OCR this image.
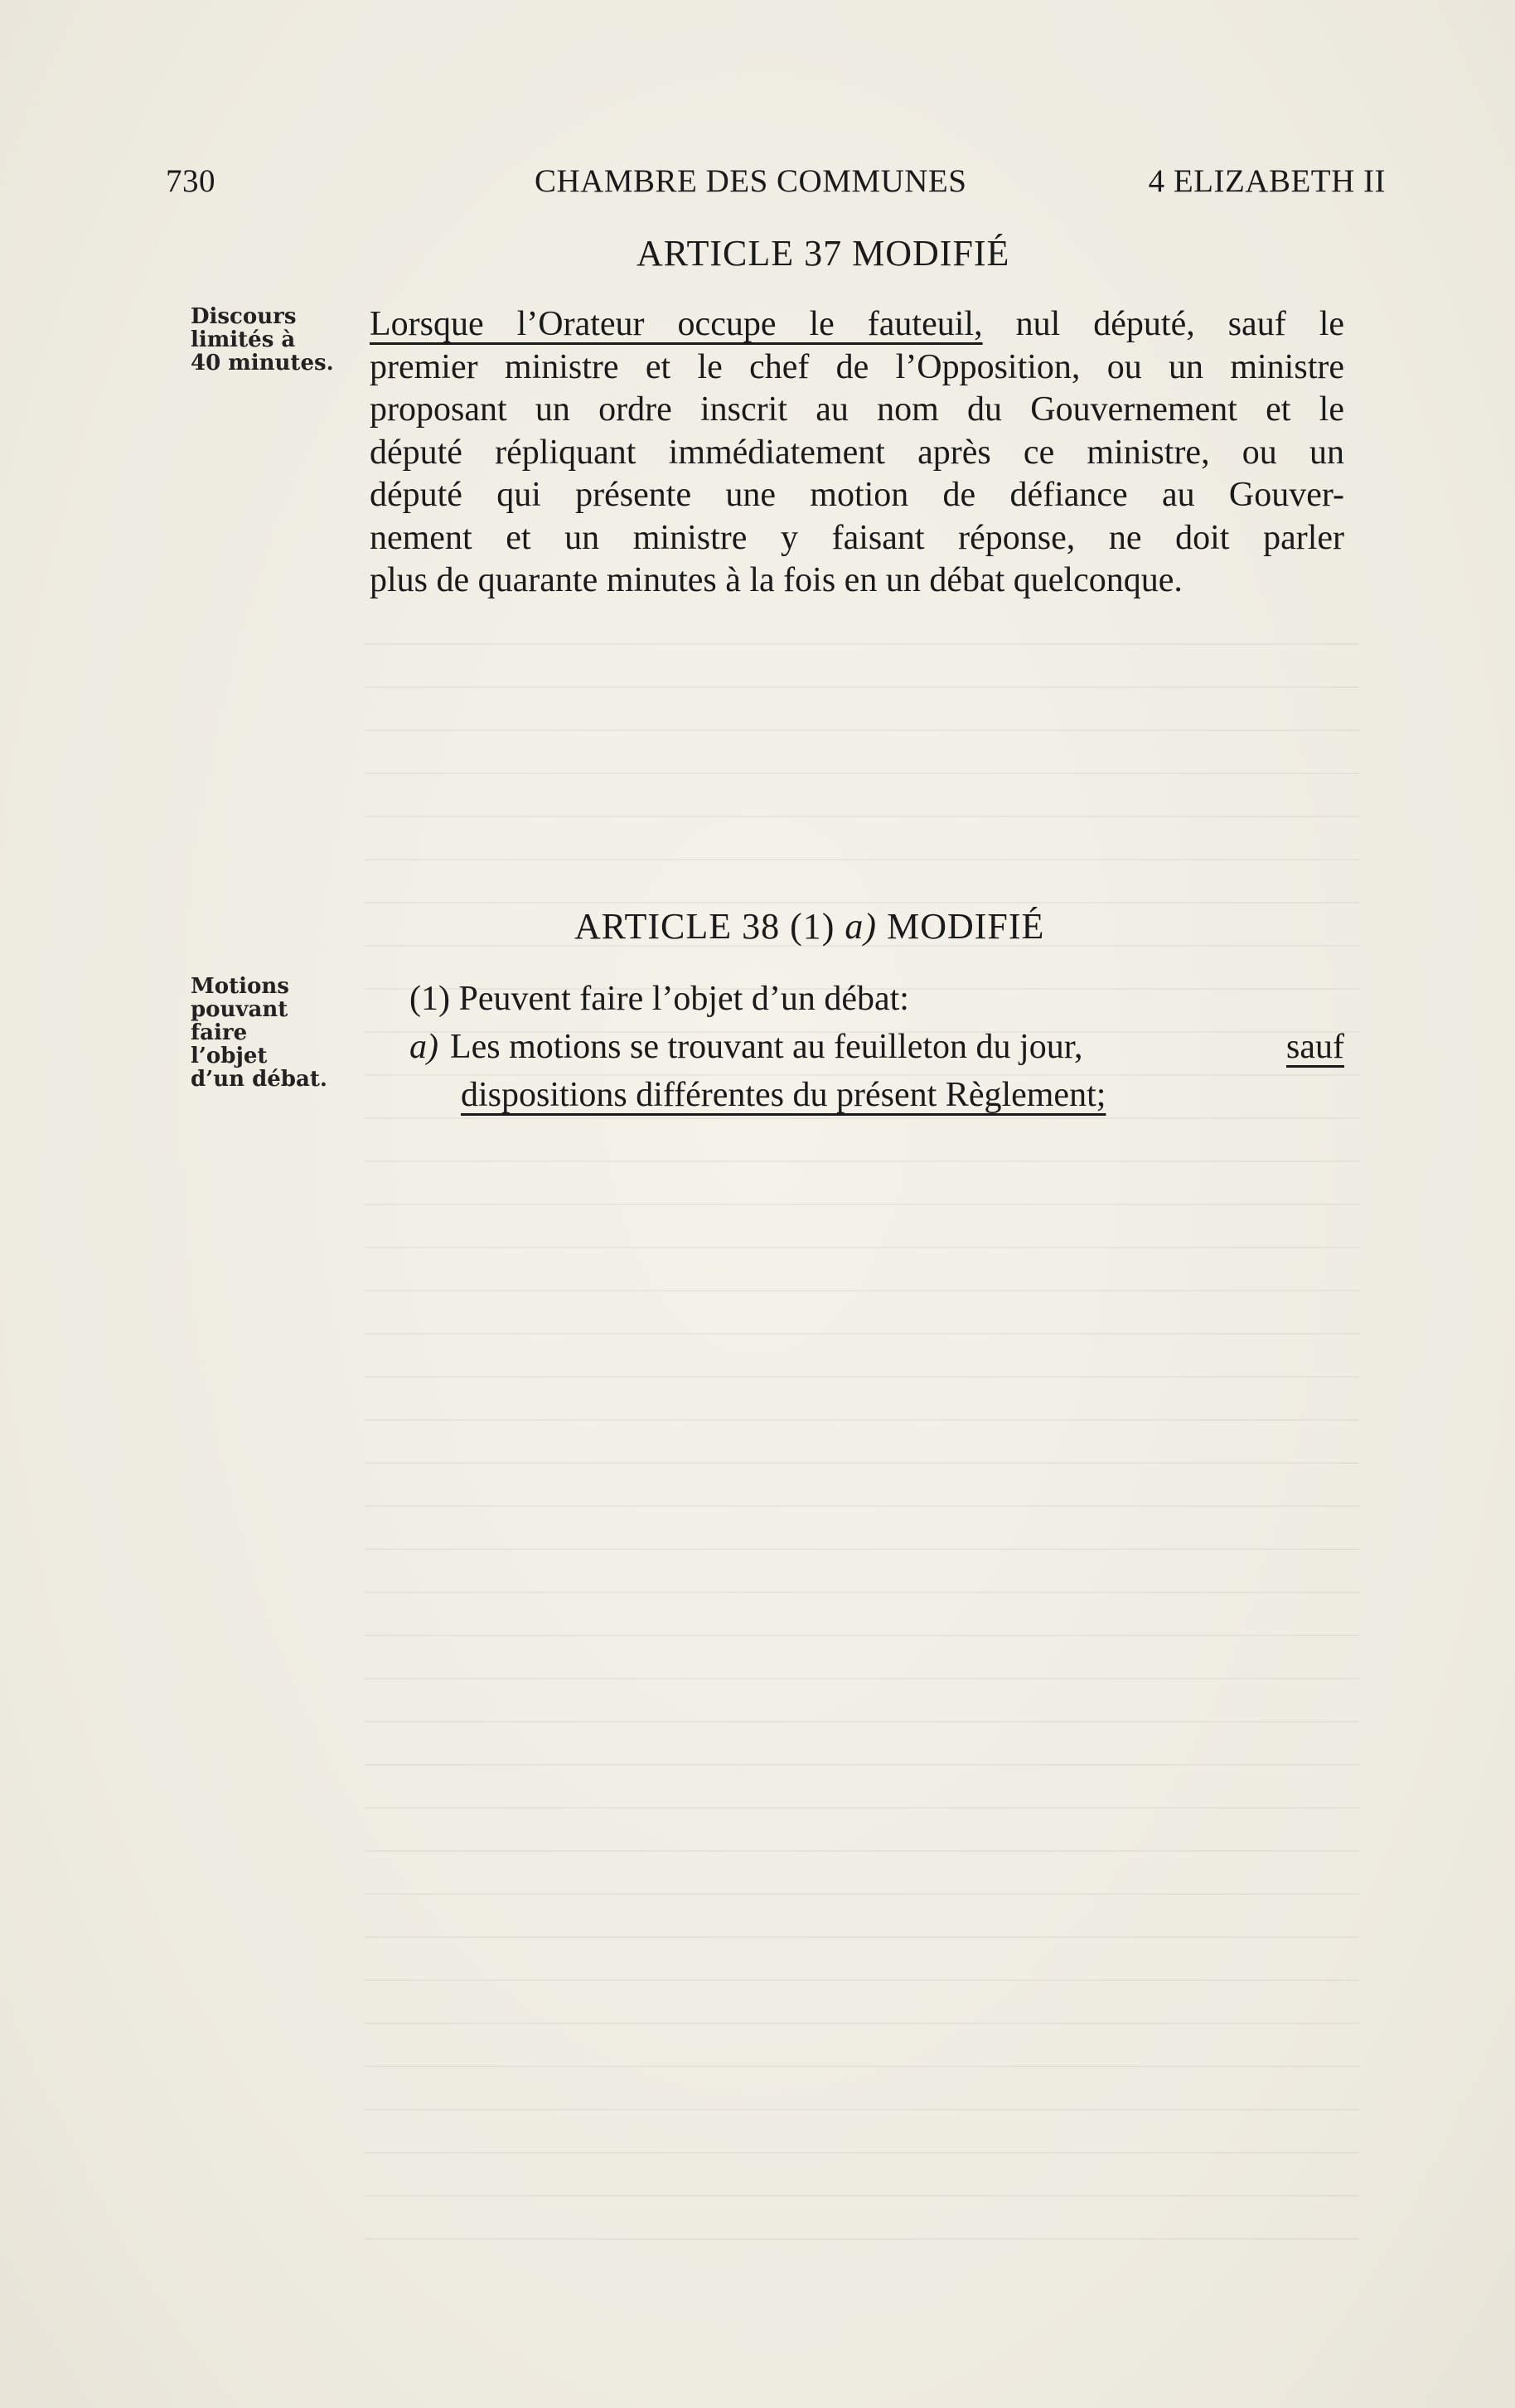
730	CHAMBRE DES COMMUNES	4 ELIZABETH II
ARTICLE 37 MODIFIÉ
Discours
limités à
40 minutes.
Lorsque l’Orateur occupe le fauteuil, nul député, sauf le
premier ministre et le chef de l’Opposition, ou un ministre
proposant un ordre inscrit au nom du Gouvernement et le
député répliquant immédiatement après ce ministre, ou un
député qui présente une motion de défiance au Gouver-
nement et un ministre y faisant réponse, ne doit parler
plus de quarante minutes à la fois en un débat quelconque.
ARTICLE 38 (1) a) MODIFIÉ
Motions
pouvant
faire
l’objet
d’un débat.
(1) Peuvent faire l’objet d’un débat:
a) Les motions se trouvant au feuilleton du jour,	sauf
dispositions différentes du présent Règlement;
